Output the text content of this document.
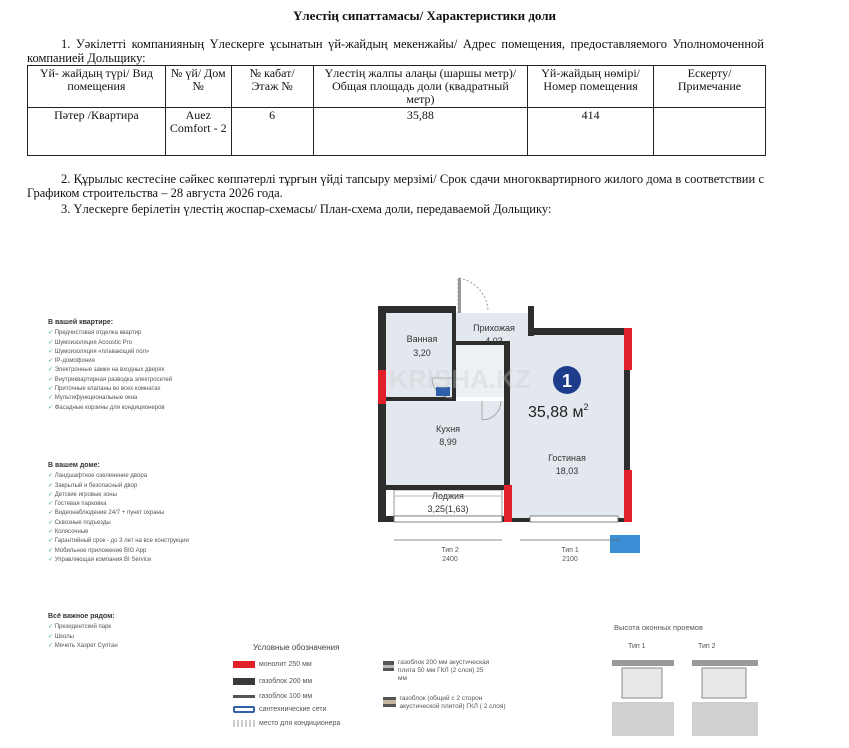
Үлестің сипаттамасы/ Характеристики доли
1. Уәкілетті компанияның Үлескерге ұсынатын үй-жайдың мекенжайы/ Адрес помещения, предоставляемого Уполномоченной компанией Дольщику:
Үй- жайдың түрі/ Вид помещения	№ үй/ Дом №	№ кабат/ Этаж №	Үлестің жалпы алаңы (шаршы метр)/ Общая площадь доли (квадратный метр)	Үй-жайдың нөмірі/ Номер помещения	Ескерту/ Примечание
Пәтер /Квартира	Auez Comfort - 2	6	35,88	414	
2. Құрылыс кестесіне сәйкес көппәтерлі тұрғын үйді тапсыру мерзімі/ Срок сдачи многоквартирного жилого дома в соответствии с Графиком строительства – 28 августа 2026 года.
3. Үлескерге берілетін үлестің жоспар-схемасы/ План-схема доли, передаваемой Дольщику:
В вашей квартире:
✓ Предчистовая отделка квартир
✓ Шумоизоляция Acoustic Pro
✓ Шумоизоляция «плавающий пол»
✓ IP-домофония
✓ Электронные замки на входных дверях
✓ Внутриквартирная разводка электросетей
✓ Приточные клапаны во всех комнатах
✓ Мультифункциональные окна
✓ Фасадные корзины для кондиционеров
В вашем доме:
✓ Ландшафтное озеленение двора
✓ Закрытый и безопасный двор
✓ Детские игровые зоны
✓ Гостевая парковка
✓ Видеонаблюдение 24/7 + пункт охраны
✓ Сквозные подъезды
✓ Колясочные
✓ Гарантийный срок - до 3 лет на все конструкции
✓ Мобильное приложение BIG App
✓ Управляющая компания BI Service
Всё важное рядом:
✓ Президентский парк
✓ Школы
✓ Мечеть Хазрет Султан
1
35,88 $м^2$
Ванная
3,20
Прихожая
4,03
Кухня
8,99
Гостиная
18,03
Лоджия
3,25(1,63)
Тип 2
2400
Тип 1
2100
KRISHA.KZ
Условные обозначения
монолит 250 мм
газоблок 200 мм
газоблок 100 мм
сантехнические сети
место для кондиционера
газоблок 200 мм акустическая плита 50 мм ГКЛ (2 слоя) 25 мм
газоблок (общий с 2 сторон акустической плитой) ГКЛ ( 2 слоя)
Высота оконных проемов
Тип 1	Тип 2
